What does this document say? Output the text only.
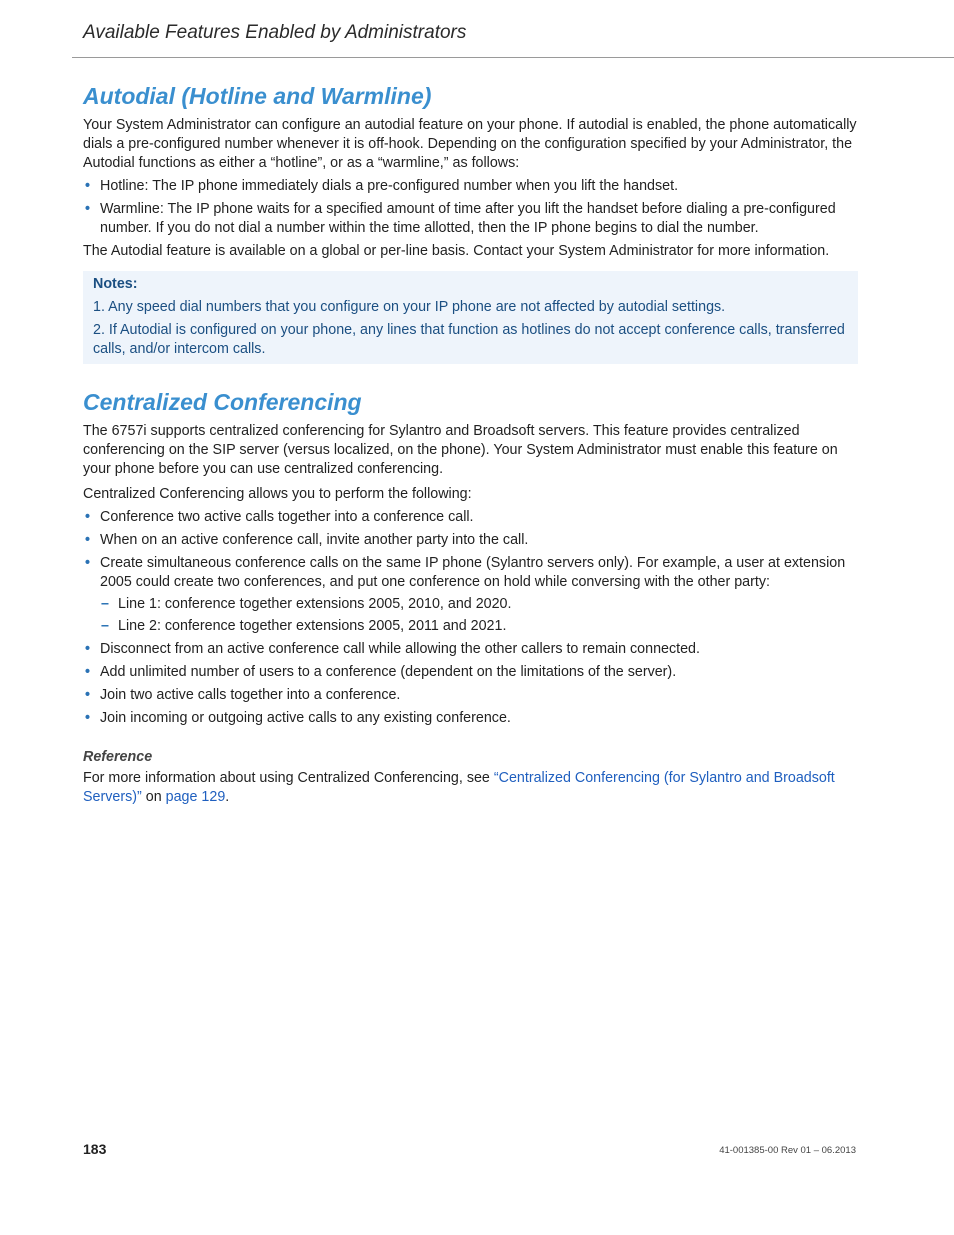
Available Features Enabled by Administrators
Autodial (Hotline and Warmline)

Your System Administrator can configure an autodial feature on your phone. If autodial is enabled, the phone automatically dials a pre-configured number whenever it is off-hook. Depending on the configuration specified by your Administrator, the Autodial functions as either a “hotline”, or as a “warmline,” as follows:

• Hotline: The IP phone immediately dials a pre-configured number when you lift the handset.
• Warmline: The IP phone waits for a specified amount of time after you lift the handset before dialing a pre-configured number. If you do not dial a number within the time allotted, then the IP phone begins to dial the number.

The Autodial feature is available on a global or per-line basis. Contact your System Administrator for more information.

Notes:

1. Any speed dial numbers that you configure on your IP phone are not affected by autodial settings.

2. If Autodial is configured on your phone, any lines that function as hotlines do not accept conference calls, transferred calls, and/or intercom calls.

Centralized Conferencing

The 6757i supports centralized conferencing for Sylantro and Broadsoft servers. This feature provides centralized conferencing on the SIP server (versus localized, on the phone). Your System Administrator must enable this feature on your phone before you can use centralized conferencing.

Centralized Conferencing allows you to perform the following:

• Conference two active calls together into a conference call.
• When on an active conference call, invite another party into the call.
• Create simultaneous conference calls on the same IP phone (Sylantro servers only). For example, a user at extension 2005 could create two conferences, and put one conference on hold while conversing with the other party:
– Line 1: conference together extensions 2005, 2010, and 2020.
– Line 2: conference together extensions 2005, 2011 and 2021.
• Disconnect from an active conference call while allowing the other callers to remain connected.
• Add unlimited number of users to a conference (dependent on the limitations of the server).
• Join two active calls together into a conference.
• Join incoming or outgoing active calls to any existing conference.

Reference

For more information about using Centralized Conferencing, see “Centralized Conferencing (for Sylantro and Broadsoft Servers)” on page 129.

183	41-001385-00 Rev 01 – 06.2013
